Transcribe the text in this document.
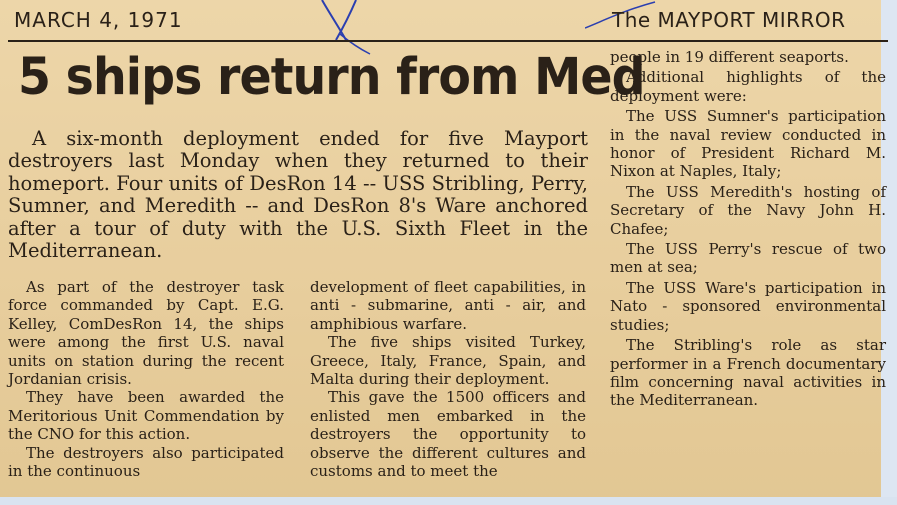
MARCH 4, 1971	The MAYPORT MIRROR
5 ships return from Med

A six-month deployment ended for five Mayport destroyers last Monday when they returned to their homeport. Four units of DesRon 14 -- USS Stribling, Perry, Sumner, and Meredith -- and DesRon 8's Ware anchored after a tour of duty with the U.S. Sixth Fleet in the Mediterranean.

As part of the destroyer task force commanded by Capt. E.G. Kelley, ComDesRon 14, the ships were among the first U.S. naval units on station during the recent Jordanian crisis.

They have been awarded the Meritorious Unit Commendation by the CNO for this action.

The destroyers also participated in the continuous

development of fleet capabilities, in anti - submarine, anti - air, and amphibious warfare.

The five ships visited Turkey, Greece, Italy, France, Spain, and Malta during their deployment.

This gave the 1500 officers and enlisted men embarked in the destroyers the opportunity to observe the different cultures and customs and to meet the

people in 19 different seaports.

Additional highlights of the deployment were:

The USS Sumner's participation in the naval review conducted in honor of President Richard M. Nixon at Naples, Italy;

The USS Meredith's hosting of Secretary of the Navy John H. Chafee;

The USS Perry's rescue of two men at sea;

The USS Ware's participation in Nato - sponsored environmental studies;

The Stribling's role as star performer in a French documentary film concerning naval activities in the Mediterranean.
